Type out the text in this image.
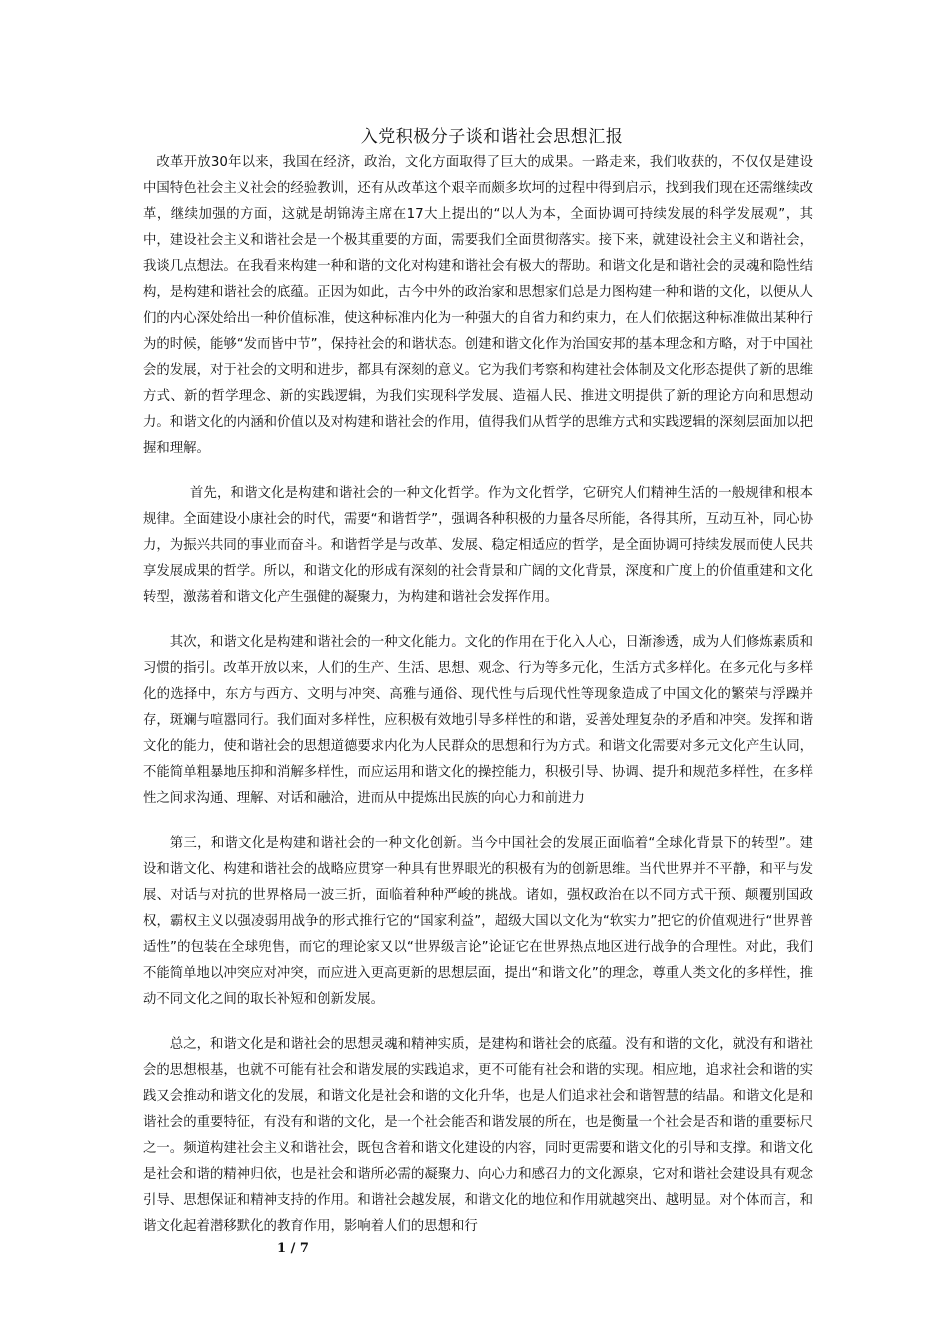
入党积极分子谈和谐社会思想汇报

改革开放30年以来，我国在经济，政治，文化方面取得了巨大的成果。一路走来，我们收获的，不仅仅是建设中国特色社会主义社会的经验教训，还有从改革这个艰辛而颇多坎坷的过程中得到启示，找到我们现在还需继续改革，继续加强的方面，这就是胡锦涛主席在17大上提出的“以人为本，全面协调可持续发展的科学发展观”，其中，建设社会主义和谐社会是一个极其重要的方面，需要我们全面贯彻落实。接下来，就建设社会主义和谐社会，我谈几点想法。在我看来构建一种和谐的文化对构建和谐社会有极大的帮助。和谐文化是和谐社会的灵魂和隐性结构，是构建和谐社会的底蕴。正因为如此，古今中外的政治家和思想家们总是力图构建一种和谐的文化，以便从人们的内心深处给出一种价值标准，使这种标准内化为一种强大的自省力和约束力，在人们依据这种标准做出某种行为的时候，能够“发而皆中节”，保持社会的和谐状态。创建和谐文化作为治国安邦的基本理念和方略，对于中国社会的发展，对于社会的文明和进步，都具有深刻的意义。它为我们考察和构建社会体制及文化形态提供了新的思维方式、新的哲学理念、新的实践逻辑，为我们实现科学发展、造福人民、推进文明提供了新的理论方向和思想动力。和谐文化的内涵和价值以及对构建和谐社会的作用，值得我们从哲学的思维方式和实践逻辑的深刻层面加以把握和理解。

首先，和谐文化是构建和谐社会的一种文化哲学。作为文化哲学，它研究人们精神生活的一般规律和根本规律。全面建设小康社会的时代，需要“和谐哲学”，强调各种积极的力量各尽所能，各得其所，互动互补，同心协力，为振兴共同的事业而奋斗。和谐哲学是与改革、发展、稳定相适应的哲学，是全面协调可持续发展而使人民共享发展成果的哲学。所以，和谐文化的形成有深刻的社会背景和广阔的文化背景，深度和广度上的价值重建和文化转型，激荡着和谐文化产生强健的凝聚力，为构建和谐社会发挥作用。

其次，和谐文化是构建和谐社会的一种文化能力。文化的作用在于化入人心，日渐渗透，成为人们修炼素质和习惯的指引。改革开放以来，人们的生产、生活、思想、观念、行为等多元化，生活方式多样化。在多元化与多样化的选择中，东方与西方、文明与冲突、高雅与通俗、现代性与后现代性等现象造成了中国文化的繁荣与浮躁并存，斑斓与喧嚣同行。我们面对多样性，应积极有效地引导多样性的和谐，妥善处理复杂的矛盾和冲突。发挥和谐文化的能力，使和谐社会的思想道德要求内化为人民群众的思想和行为方式。和谐文化需要对多元文化产生认同，不能简单粗暴地压抑和消解多样性，而应运用和谐文化的操控能力，积极引导、协调、提升和规范多样性，在多样性之间求沟通、理解、对话和融洽，进而从中提炼出民族的向心力和前进力

第三，和谐文化是构建和谐社会的一种文化创新。当今中国社会的发展正面临着“全球化背景下的转型”。建设和谐文化、构建和谐社会的战略应贯穿一种具有世界眼光的积极有为的创新思维。当代世界并不平静，和平与发展、对话与对抗的世界格局一波三折，面临着种种严峻的挑战。诸如，强权政治在以不同方式干预、颠覆别国政权，霸权主义以强凌弱用战争的形式推行它的“国家利益”，超级大国以文化为“软实力”把它的价值观进行“世界普适性”的包装在全球兜售，而它的理论家又以“世界级言论”论证它在世界热点地区进行战争的合理性。对此，我们不能简单地以冲突应对冲突，而应进入更高更新的思想层面，提出“和谐文化”的理念，尊重人类文化的多样性，推动不同文化之间的取长补短和创新发展。

总之，和谐文化是和谐社会的思想灵魂和精神实质，是建构和谐社会的底蕴。没有和谐的文化，就没有和谐社会的思想根基，也就不可能有社会和谐发展的实践追求，更不可能有社会和谐的实现。相应地，追求社会和谐的实践又会推动和谐文化的发展，和谐文化是社会和谐的文化升华，也是人们追求社会和谐智慧的结晶。和谐文化是和谐社会的重要特征，有没有和谐的文化，是一个社会能否和谐发展的所在，也是衡量一个社会是否和谐的重要标尺之一。频道构建社会主义和谐社会，既包含着和谐文化建设的内容，同时更需要和谐文化的引导和支撑。和谐文化是社会和谐的精神归依，也是社会和谐所必需的凝聚力、向心力和感召力的文化源泉，它对和谐社会建设具有观念引导、思想保证和精神支持的作用。和谐社会越发展，和谐文化的地位和作用就越突出、越明显。对个体而言，和谐文化起着潜移默化的教育作用，影响着人们的思想和行

1 / 7
